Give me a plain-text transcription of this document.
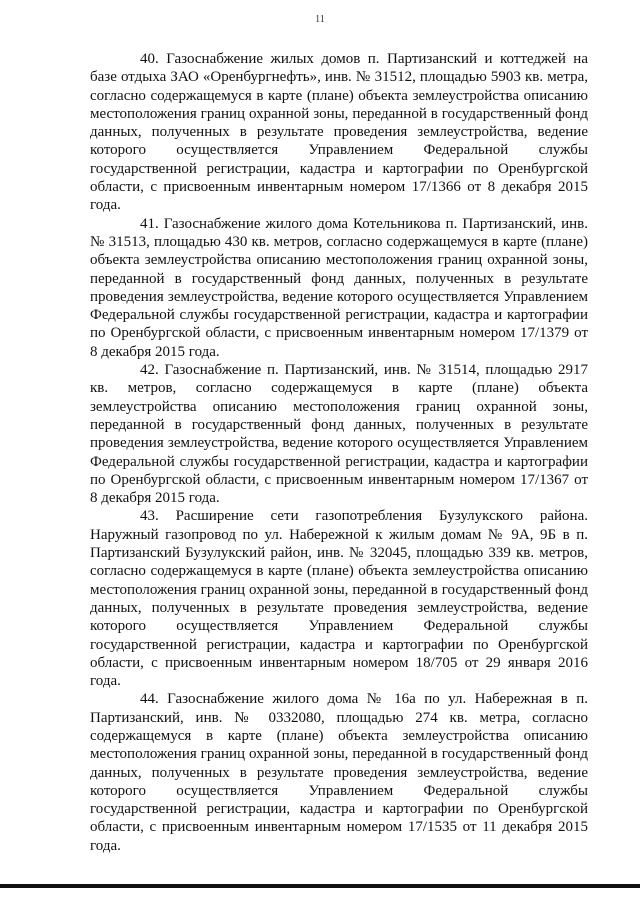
11

40. Газоснабжение жилых домов п. Партизанский и коттеджей на базе отдыха ЗАО «Оренбургнефть», инв. № 31512, площадью 5903 кв. метра, согласно содержащемуся в карте (плане) объекта землеустройства описанию местоположения границ охранной зоны, переданной в государственный фонд данных, полученных в результате проведения землеустройства, ведение которого осуществляется Управлением Федеральной службы государственной регистрации, кадастра и картографии по Оренбургской области, с присвоенным инвентарным номером 17/1366 от 8 декабря 2015 года.

41. Газоснабжение жилого дома Котельникова п. Партизанский, инв. № 31513, площадью 430 кв. метров, согласно содержащемуся в карте (плане) объекта землеустройства описанию местоположения границ охранной зоны, переданной в государственный фонд данных, полученных в результате проведения землеустройства, ведение которого осуществляется Управлением Федеральной службы государственной регистрации, кадастра и картографии по Оренбургской области, с присвоенным инвентарным номером 17/1379 от 8 декабря 2015 года.

42. Газоснабжение п. Партизанский, инв. № 31514, площадью 2917 кв. метров, согласно содержащемуся в карте (плане) объекта землеустройства описанию местоположения границ охранной зоны, переданной в государственный фонд данных, полученных в результате проведения землеустройства, ведение которого осуществляется Управлением Федеральной службы государственной регистрации, кадастра и картографии по Оренбургской области, с присвоенным инвентарным номером 17/1367 от 8 декабря 2015 года.

43. Расширение сети газопотребления Бузулукского района. Наружный газопровод по ул. Набережной к жилым домам № 9А, 9Б в п. Партизанский Бузулукский район, инв. № 32045, площадью 339 кв. метров, согласно содержащемуся в карте (плане) объекта землеустройства описанию местоположения границ охранной зоны, переданной в государственный фонд данных, полученных в результате проведения землеустройства, ведение которого осуществляется Управлением Федеральной службы государственной регистрации, кадастра и картографии по Оренбургской области, с присвоенным инвентарным номером 18/705 от 29 января 2016 года.

44. Газоснабжение жилого дома № 16а по ул. Набережная в п. Партизанский, инв. № 0332080, площадью 274 кв. метра, согласно содержащемуся в карте (плане) объекта землеустройства описанию местоположения границ охранной зоны, переданной в государственный фонд данных, полученных в результате проведения землеустройства, ведение которого осуществляется Управлением Федеральной службы государственной регистрации, кадастра и картографии по Оренбургской области, с присвоенным инвентарным номером 17/1535 от 11 декабря 2015 года.
